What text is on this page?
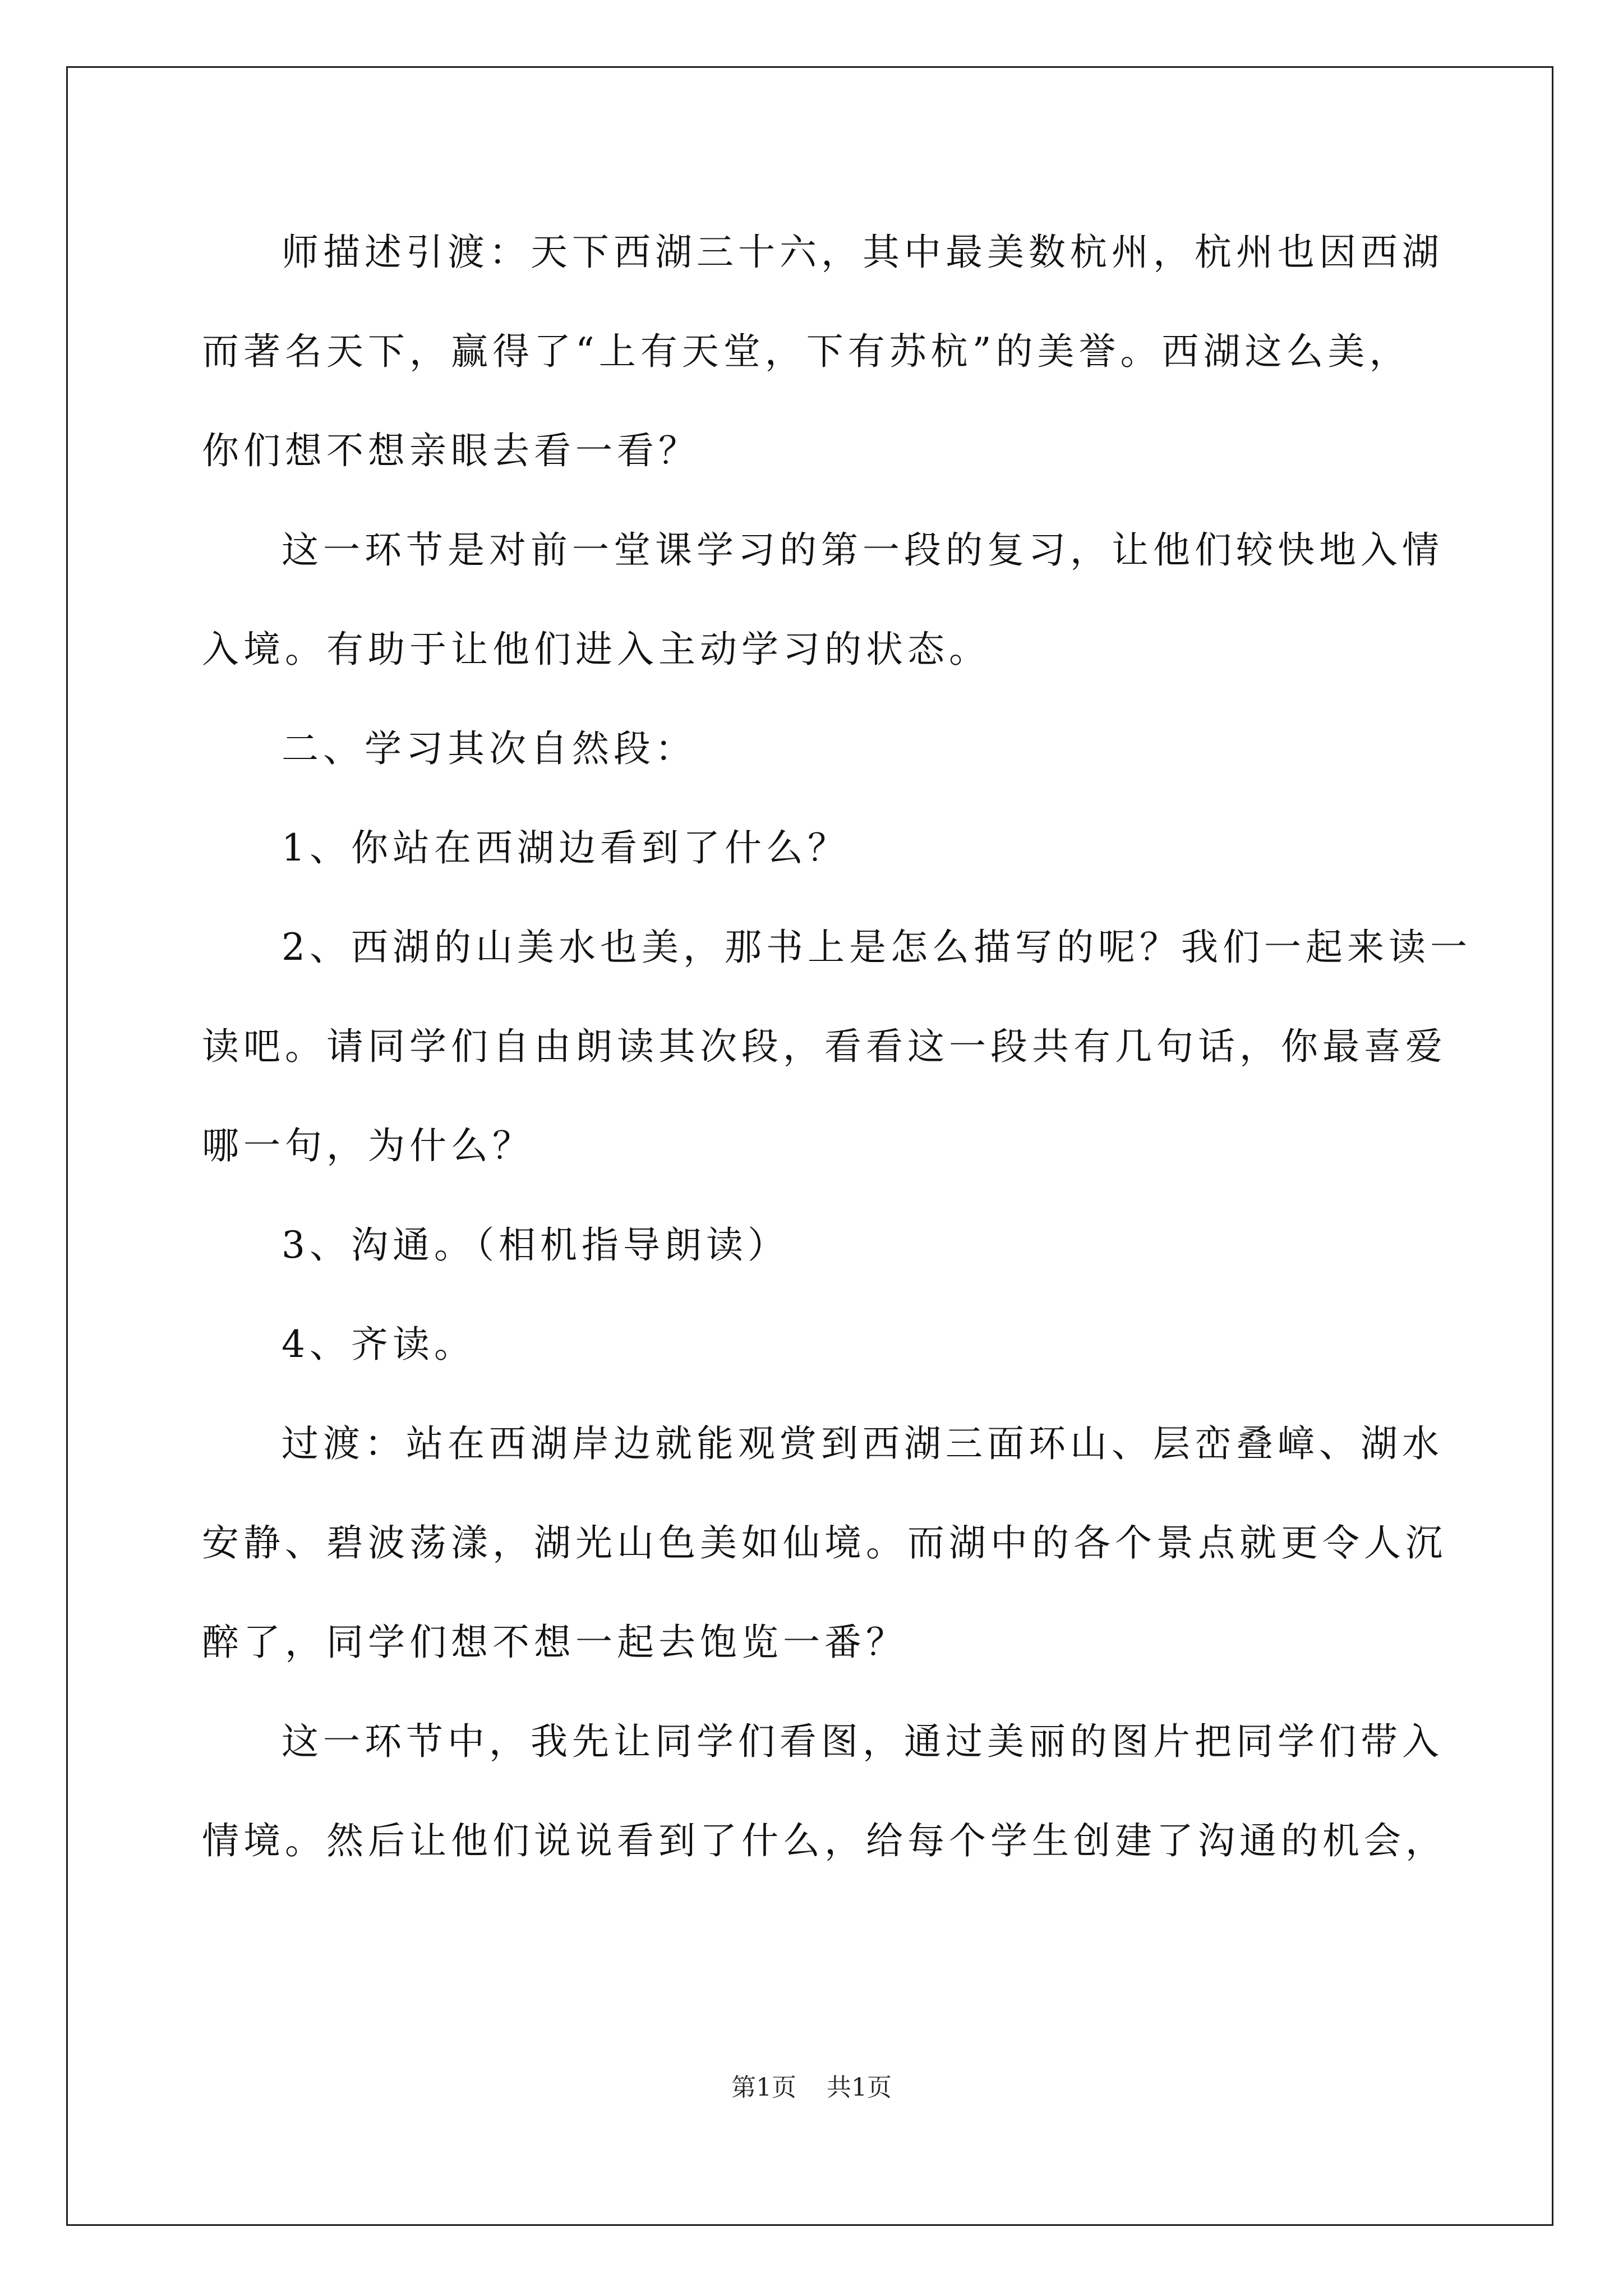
师描述引渡：天下西湖三十六，其中最美数杭州，杭州也因西湖
而著名天下，赢得了“上有天堂，下有苏杭”的美誉。西湖这么美，
你们想不想亲眼去看一看？
这一环节是对前一堂课学习的第一段的复习，让他们较快地入情
入境。有助于让他们进入主动学习的状态。
二、学习其次自然段：
1、你站在西湖边看到了什么？
2、西湖的山美水也美，那书上是怎么描写的呢？我们一起来读一
读吧。请同学们自由朗读其次段，看看这一段共有几句话，你最喜爱
哪一句，为什么？
3、沟通。（相机指导朗读）
4、齐读。
过渡：站在西湖岸边就能观赏到西湖三面环山、层峦叠嶂、湖水
安静、碧波荡漾，湖光山色美如仙境。而湖中的各个景点就更令人沉
醉了，同学们想不想一起去饱览一番？
这一环节中，我先让同学们看图，通过美丽的图片把同学们带入
情境。然后让他们说说看到了什么，给每个学生创建了沟通的机会，
第1页 共1页
